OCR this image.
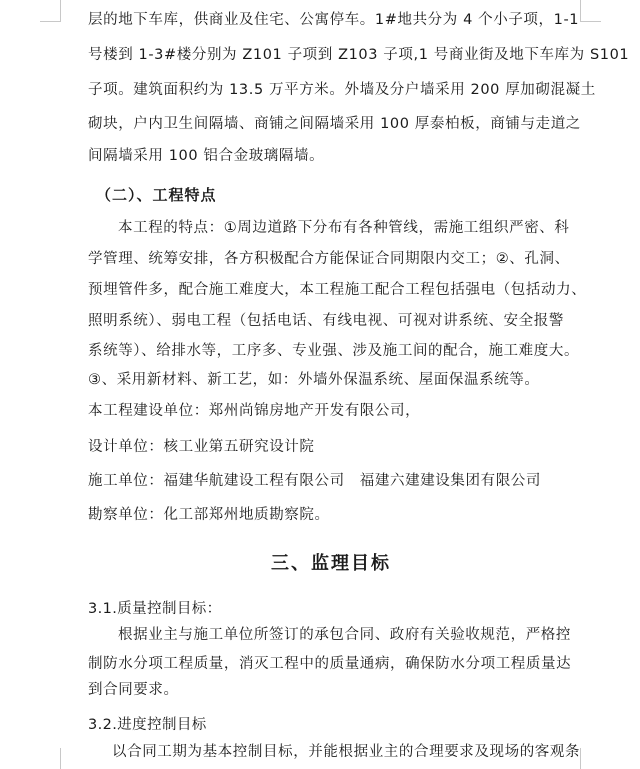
层的地下车库，供商业及住宅、公寓停车。1#地共分为 4 个小子项，1-1
号楼到 1-3#楼分别为 Z101 子项到 Z103 子项,1 号商业街及地下车库为 S101
子项。建筑面积约为 13.5 万平方米。外墙及分户墙采用 200 厚加砌混凝土
砌块，户内卫生间隔墙、商铺之间隔墙采用 100 厚泰柏板，商铺与走道之
间隔墙采用 100 铝合金玻璃隔墙。
（二）、工程特点
本工程的特点：①周边道路下分布有各种管线，需施工组织严密、科
学管理、统筹安排，各方积极配合方能保证合同期限内交工；②、孔洞、
预埋管件多，配合施工难度大，本工程施工配合工程包括强电（包括动力、
照明系统）、弱电工程（包括电话、有线电视、可视对讲系统、安全报警
系统等）、给排水等，工序多、专业强、涉及施工间的配合，施工难度大。
③、采用新材料、新工艺，如：外墙外保温系统、屋面保温系统等。
本工程建设单位：郑州尚锦房地产开发有限公司，
设计单位：核工业第五研究设计院
施工单位：福建华航建设工程有限公司　福建六建建设集团有限公司
勘察单位：化工部郑州地质勘察院。
三、监理目标
3.1.质量控制目标：
根据业主与施工单位所签订的承包合同、政府有关验收规范，严格控
制防水分项工程质量，消灭工程中的质量通病，确保防水分项工程质量达
到合同要求。
3.2.进度控制目标
以合同工期为基本控制目标，并能根据业主的合理要求及现场的客观条
